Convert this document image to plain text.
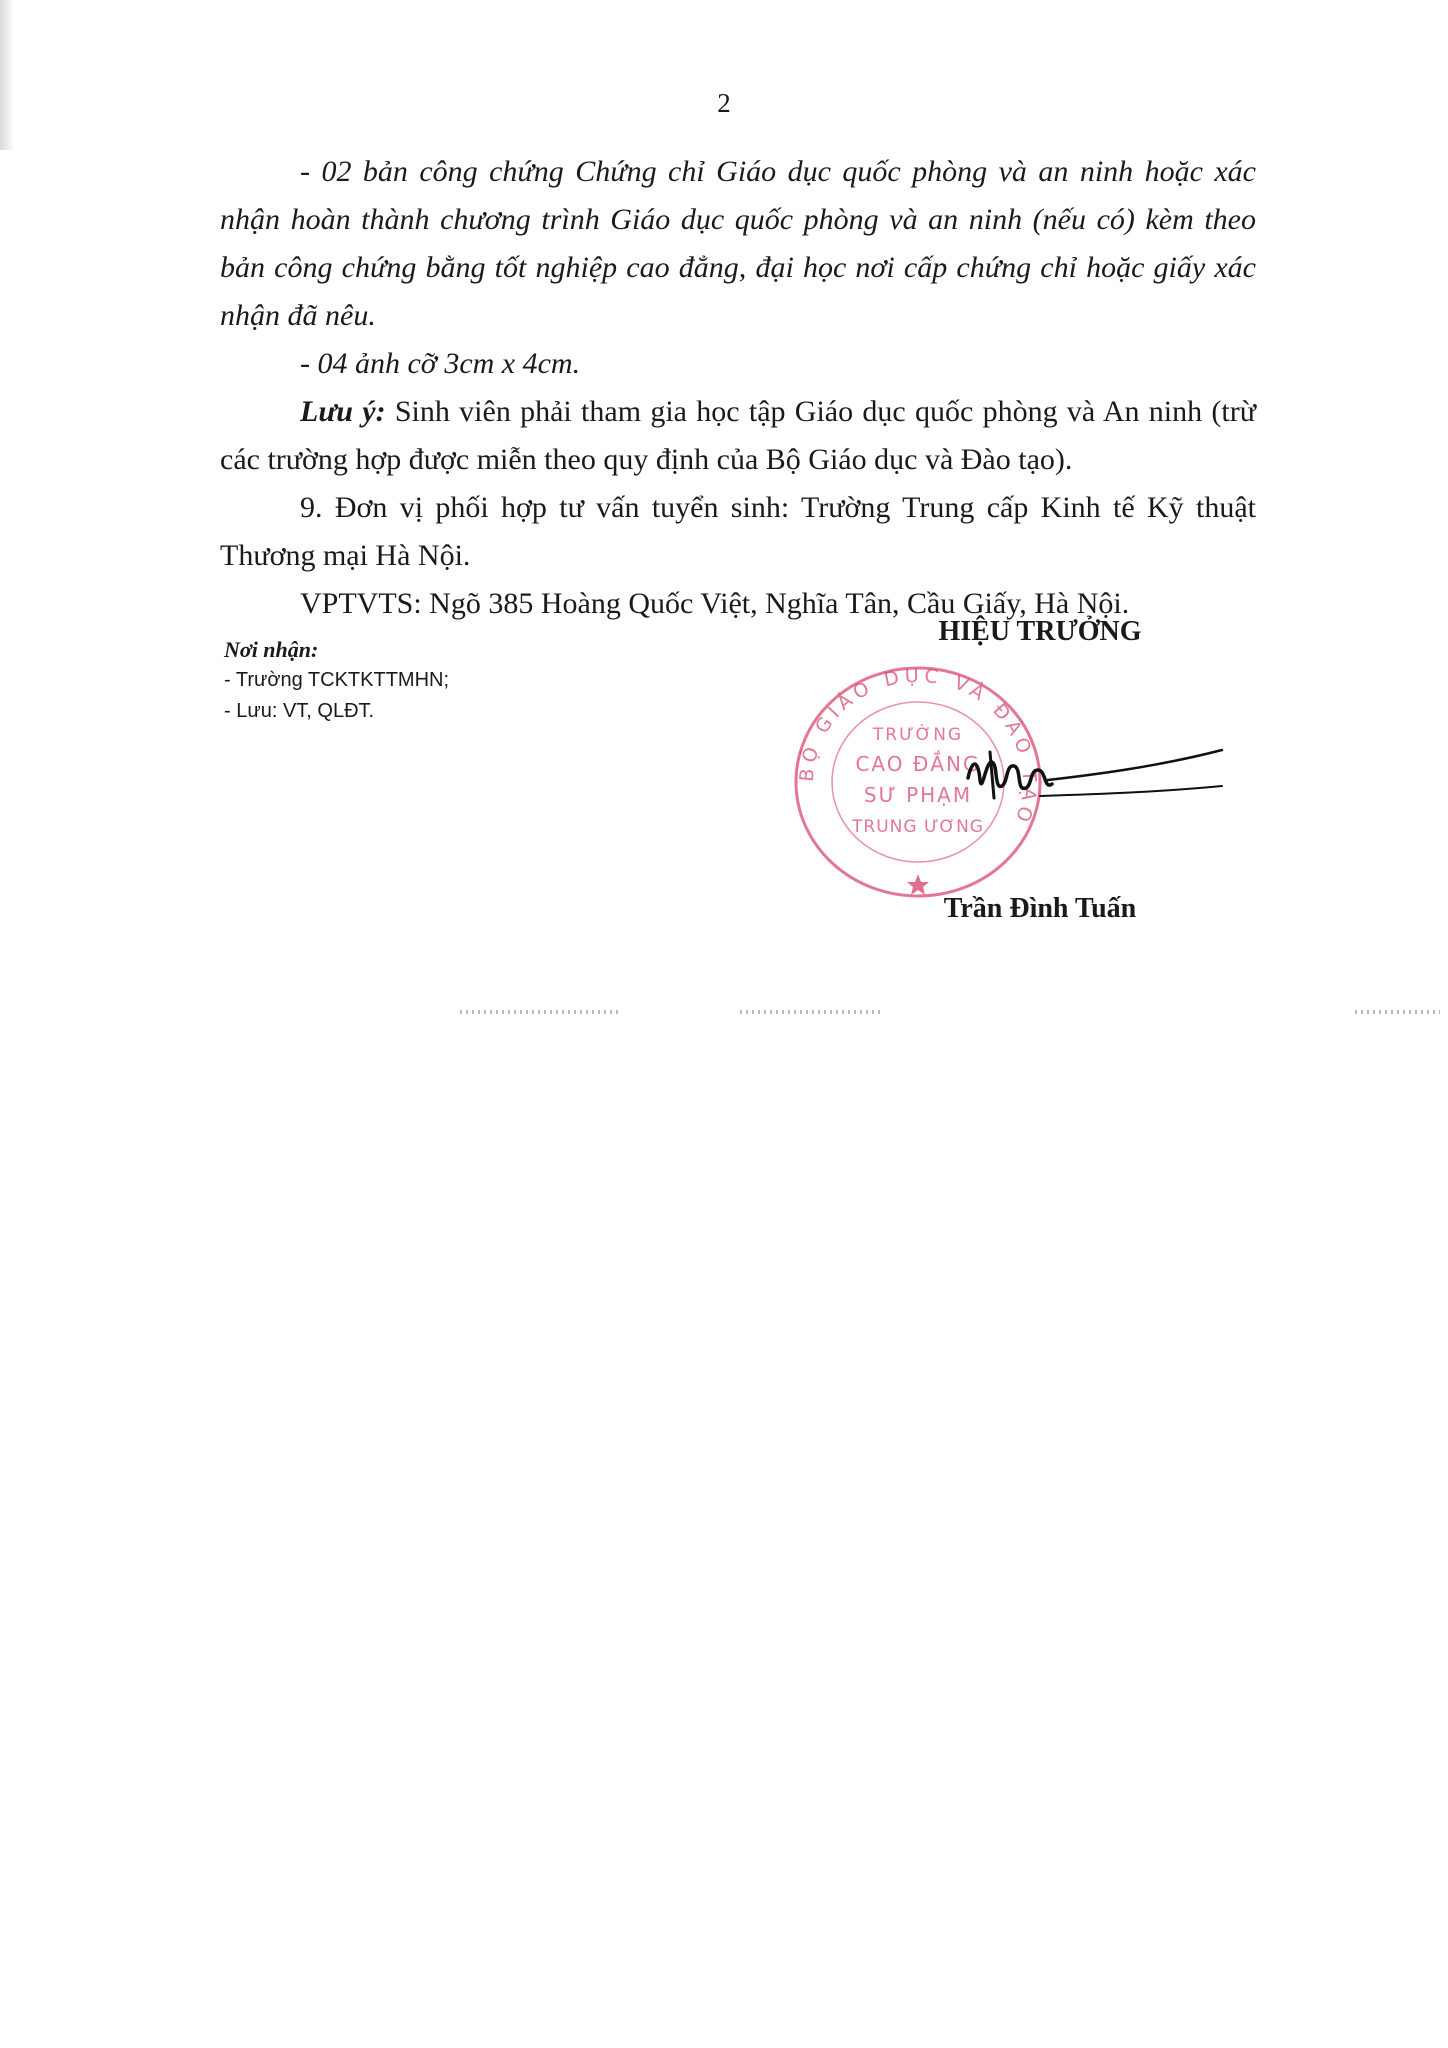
2

- 02 bản công chứng Chứng chỉ Giáo dục quốc phòng và an ninh hoặc xác nhận hoàn thành chương trình Giáo dục quốc phòng và an ninh (nếu có) kèm theo bản công chứng bằng tốt nghiệp cao đẳng, đại học nơi cấp chứng chỉ hoặc giấy xác nhận đã nêu.

- 04 ảnh cỡ 3cm x 4cm.

Lưu ý: Sinh viên phải tham gia học tập Giáo dục quốc phòng và An ninh (trừ các trường hợp được miễn theo quy định của Bộ Giáo dục và Đào tạo).

9. Đơn vị phối hợp tư vấn tuyển sinh: Trường Trung cấp Kinh tế Kỹ thuật Thương mại Hà Nội.

VPTVTS: Ngõ 385 Hoàng Quốc Việt, Nghĩa Tân, Cầu Giấy, Hà Nội.

Nơi nhận:
- Trường TCKTKTTMHN;
- Lưu: VT, QLĐT.
HIỆU TRƯỞNG
BỘ GIÁO DỤC VÀ ĐÀO TẠO
TRƯỜNG
CAO ĐẲNG
SƯ PHẠM
TRUNG ƯƠNG
Trần Đình Tuấn
